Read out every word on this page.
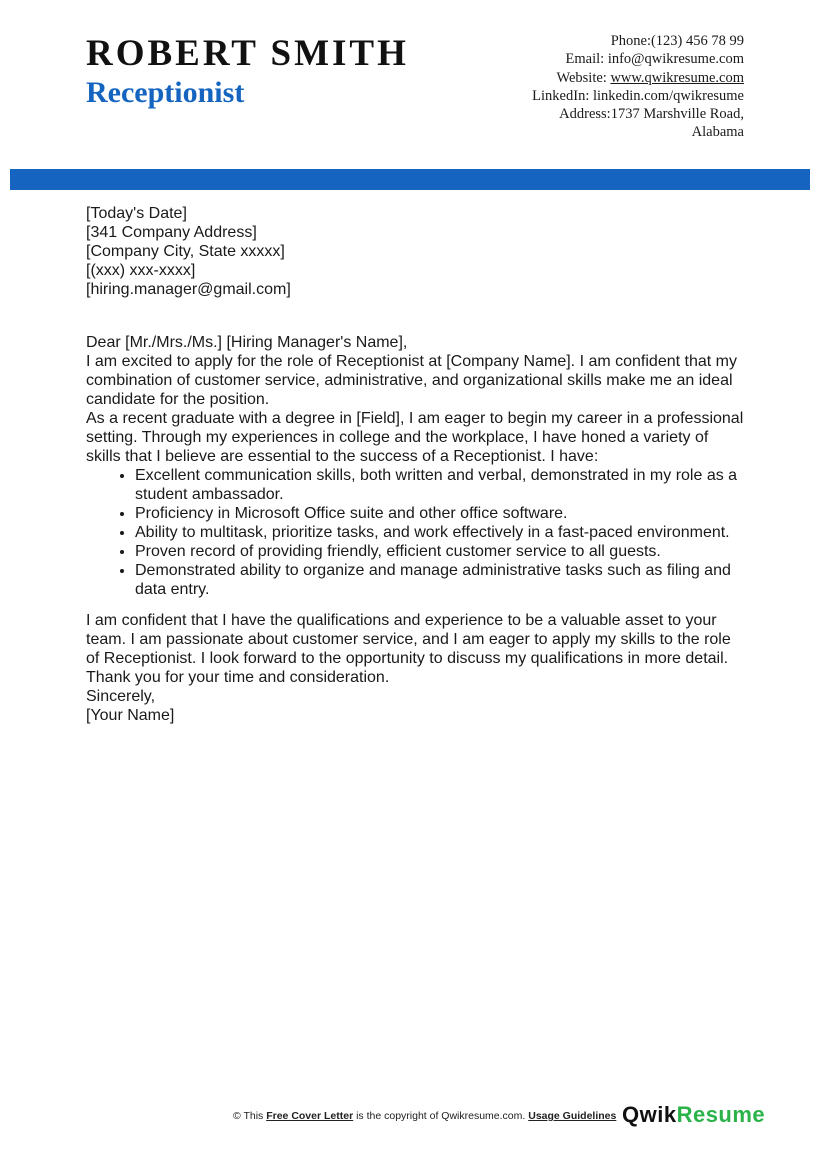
ROBERT SMITH
Receptionist
Phone:(123) 456 78 99
Email: info@qwikresume.com
Website: www.qwikresume.com
LinkedIn: linkedin.com/qwikresume
Address:1737 Marshville Road,
Alabama

[Today's Date]

[341 Company Address]

[Company City, State xxxxx]

[(xxx) xxx-xxxx]

[hiring.manager@gmail.com]

Dear [Mr./Mrs./Ms.] [Hiring Manager's Name],

I am excited to apply for the role of Receptionist at [Company Name]. I am confident that my combination of customer service, administrative, and organizational skills make me an ideal candidate for the position.

As a recent graduate with a degree in [Field], I am eager to begin my career in a professional setting. Through my experiences in college and the workplace, I have honed a variety of skills that I believe are essential to the success of a Receptionist. I have:

• Excellent communication skills, both written and verbal, demonstrated in my role as a student ambassador.
• Proficiency in Microsoft Office suite and other office software.
• Ability to multitask, prioritize tasks, and work effectively in a fast-paced environment.
• Proven record of providing friendly, efficient customer service to all guests.
• Demonstrated ability to organize and manage administrative tasks such as filing and data entry.

I am confident that I have the qualifications and experience to be a valuable asset to your team. I am passionate about customer service, and I am eager to apply my skills to the role of Receptionist. I look forward to the opportunity to discuss my qualifications in more detail. Thank you for your time and consideration.

Sincerely,

[Your Name]

© This Free Cover Letter is the copyright of Qwikresume.com. Usage Guidelines QwikResume
